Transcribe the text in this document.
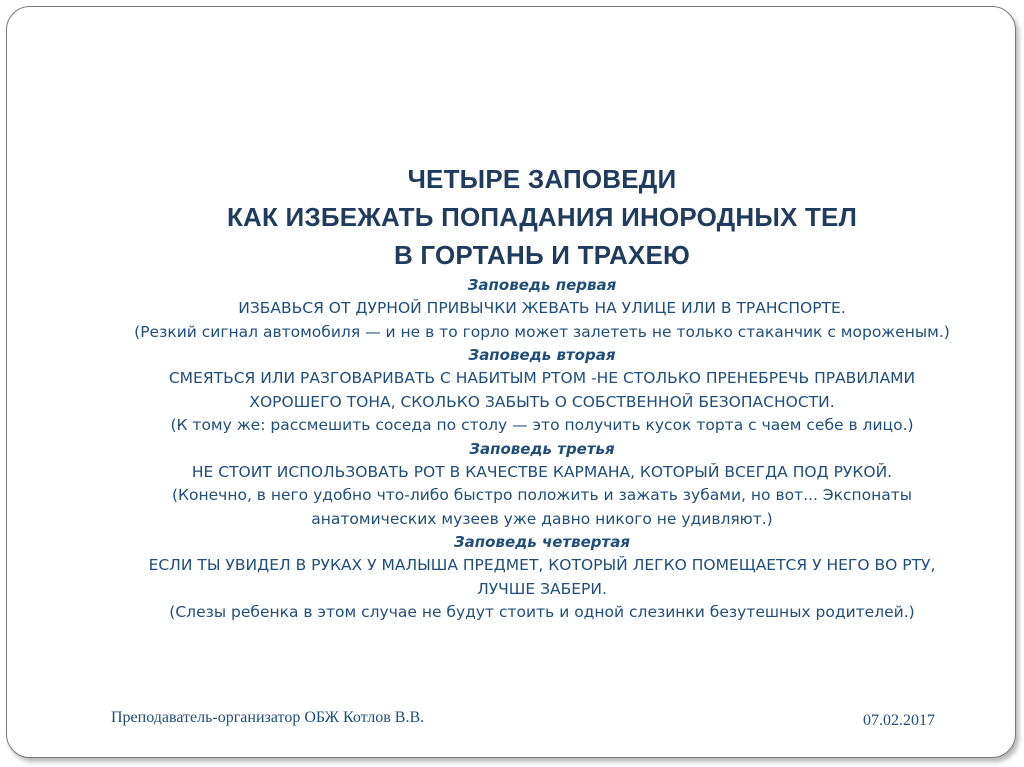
ЧЕТЫРЕ ЗАПОВЕДИ
КАК ИЗБЕЖАТЬ ПОПАДАНИЯ ИНОРОДНЫХ ТЕЛ
В ГОРТАНЬ И ТРАХЕЮ
Заповедь первая
ИЗБАВЬСЯ ОТ ДУРНОЙ ПРИВЫЧКИ ЖЕВАТЬ НА УЛИЦЕ ИЛИ В ТРАНСПОРТЕ.
(Резкий сигнал автомобиля — и не в то горло может залететь не только стаканчик с мороженым.)
Заповедь вторая
СМЕЯТЬСЯ ИЛИ РАЗГОВАРИВАТЬ С НАБИТЫМ РТОМ -НЕ СТОЛЬКО ПРЕНЕБРЕЧЬ ПРАВИЛАМИ
ХОРОШЕГО ТОНА, СКОЛЬКО ЗАБЫТЬ О СОБСТВЕННОЙ БЕЗОПАСНОСТИ.
(К тому же: рассмешить соседа по столу — это получить кусок торта с чаем себе в лицо.)
Заповедь третья
НЕ СТОИТ ИСПОЛЬЗОВАТЬ РОТ В КАЧЕСТВЕ КАРМАНА, КОТОРЫЙ ВСЕГДА ПОД РУКОЙ.
(Конечно, в него удобно что-либо быстро положить и зажать зубами, но вот... Экспонаты
анатомических музеев уже давно никого не удивляют.)
Заповедь четвертая
ЕСЛИ ТЫ УВИДЕЛ В РУКАХ У МАЛЫША ПРЕДМЕТ, КОТОРЫЙ ЛЕГКО ПОМЕЩАЕТСЯ У НЕГО ВО РТУ,
ЛУЧШЕ ЗАБЕРИ.
(Слезы ребенка в этом случае не будут стоить и одной слезинки безутешных родителей.)
Преподаватель-организатор ОБЖ Котлов В.В.	07.02.2017
